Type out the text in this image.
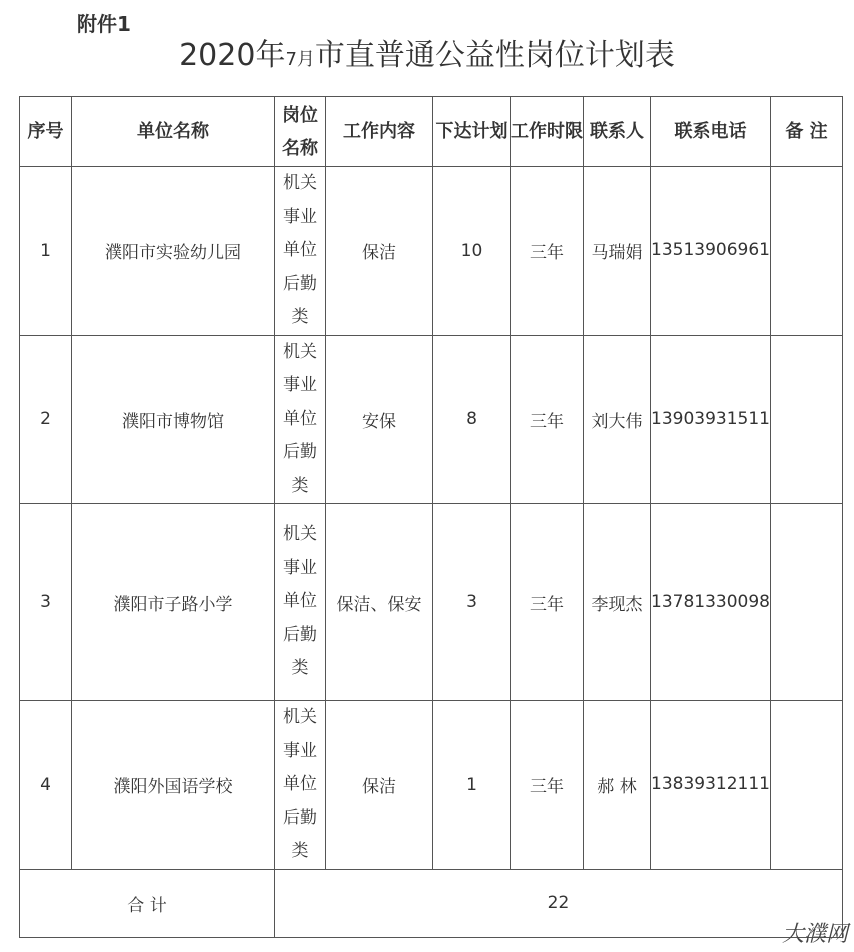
附件1
2020年7月市直普通公益性岗位计划表
序号	单位名称	岗位名称	工作内容	下达计划	工作时限	联系人	联系电话	备 注
1	濮阳市实验幼儿园	机关事业单位后勤类	保洁	10	三年	马瑞娟	13513906961	
2	濮阳市博物馆	机关事业单位后勤类	安保	8	三年	刘大伟	13903931511	
3	濮阳市子路小学	机关事业单位后勤类	保洁、保安	3	三年	李现杰	13781330098	
4	濮阳外国语学校	机关事业单位后勤类	保洁	1	三年	郝 林	13839312111	
合 计		22						
大濮网
